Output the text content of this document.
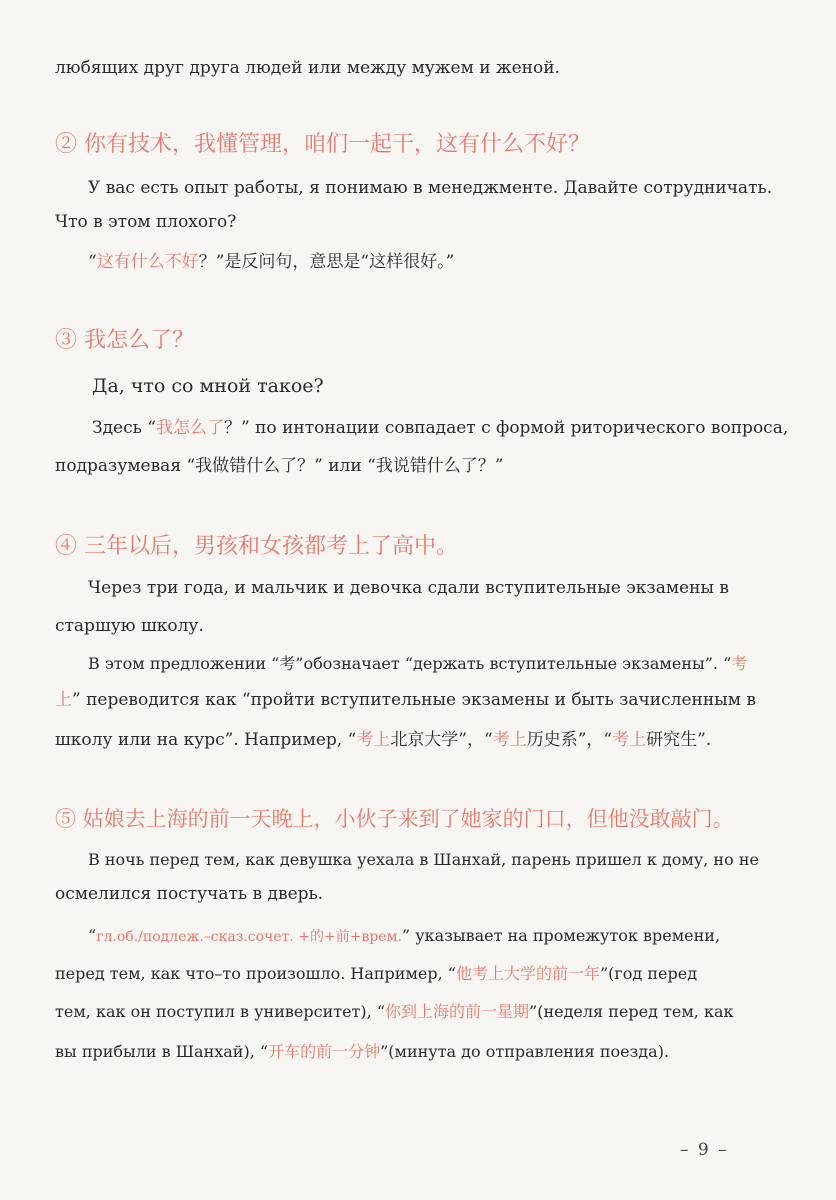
любящих друг друга людей или между мужем и женой.
② 你有技术，我懂管理，咱们一起干，这有什么不好？
У вас есть опыт работы, я понимаю в менеджменте. Давайте сотрудничать.
Что в этом плохого?
“这有什么不好？”是反问句，意思是“这样很好。”
③ 我怎么了？
Да, что со мной такое?
Здесь “我怎么了？” по интонации совпадает с формой риторического вопроса,
подразумевая “我做错什么了？” или “我说错什么了？”
④ 三年以后，男孩和女孩都考上了高中。
Через три года, и мальчик и девочка сдали вступительные экзамены в
старшую школу.
В этом предложении “考”обозначает “держать вступительные экзамены”. “考
上” переводится как “пройти вступительные экзамены и быть зачисленным в
школу или на курс”. Например, “考上北京大学”，“考上历史系”，“考上研究生”.
⑤ 姑娘去上海的前一天晚上，小伙子来到了她家的门口，但他没敢敲门。
В ночь перед тем, как девушка уехала в Шанхай, парень пришел к дому, но не
осмелился постучать в дверь.
“гл.об./подлеж.–сказ.сочет. +的+前+врем.” указывает на промежуток времени,
перед тем, как что–то произошло. Например, “他考上大学的前一年”(год перед
тем, как он поступил в университет), “你到上海的前一星期”(неделя перед тем, как
вы прибыли в Шанхай), “开车的前一分钟”(минута до отправления поезда).
– 9 –
